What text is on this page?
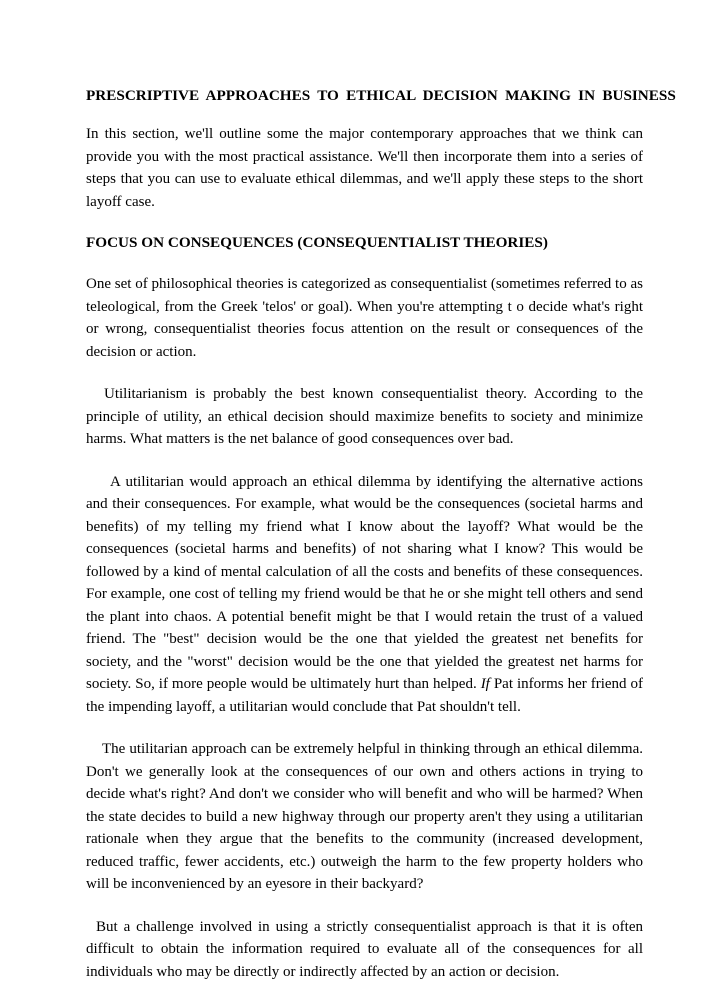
PRESCRIPTIVE APPROACHES TO ETHICAL DECISION MAKING IN BUSINESS

In this section, we'll outline some the major contemporary approaches that we think can provide you with the most practical assistance. We'll then incorporate them into a series of steps that you can use to evaluate ethical dilemmas, and we'll apply these steps to the short layoff case.

FOCUS ON CONSEQUENCES (CONSEQUENTIALIST THEORIES)

One set of philosophical theories is categorized as consequentialist (sometimes referred to as teleological, from the Greek 'telos' or goal). When you're attempting t o decide what's right or wrong, consequentialist theories focus attention on the result or consequences of the decision or action.

Utilitarianism is probably the best known consequentialist theory. According to the principle of utility, an ethical decision should maximize benefits to society and minimize harms. What matters is the net balance of good consequences over bad.

A utilitarian would approach an ethical dilemma by identifying the alternative actions and their consequences. For example, what would be the consequences (societal harms and benefits) of my telling my friend what I know about the layoff? What would be the consequences (societal harms and benefits) of not sharing what I know? This would be followed by a kind of mental calculation of all the costs and benefits of these consequences. For example, one cost of telling my friend would be that he or she might tell others and send the plant into chaos. A potential benefit might be that I would retain the trust of a valued friend. The "best" decision would be the one that yielded the greatest net benefits for society, and the "worst" decision would be the one that yielded the greatest net harms for society. So, if more people would be ultimately hurt than helped. If Pat informs her friend of the impending layoff, a utilitarian would conclude that Pat shouldn't tell.

The utilitarian approach can be extremely helpful in thinking through an ethical dilemma. Don't we generally look at the consequences of our own and others actions in trying to decide what's right? And don't we consider who will benefit and who will be harmed? When the state decides to build a new highway through our property aren't they using a utilitarian rationale when they argue that the benefits to the community (increased development, reduced traffic, fewer accidents, etc.) outweigh the harm to the few property holders who will be inconvenienced by an eyesore in their backyard?

But a challenge involved in using a strictly consequentialist approach is that it is often difficult to obtain the information required to evaluate all of the consequences for all individuals who may be directly or indirectly affected by an action or decision.
